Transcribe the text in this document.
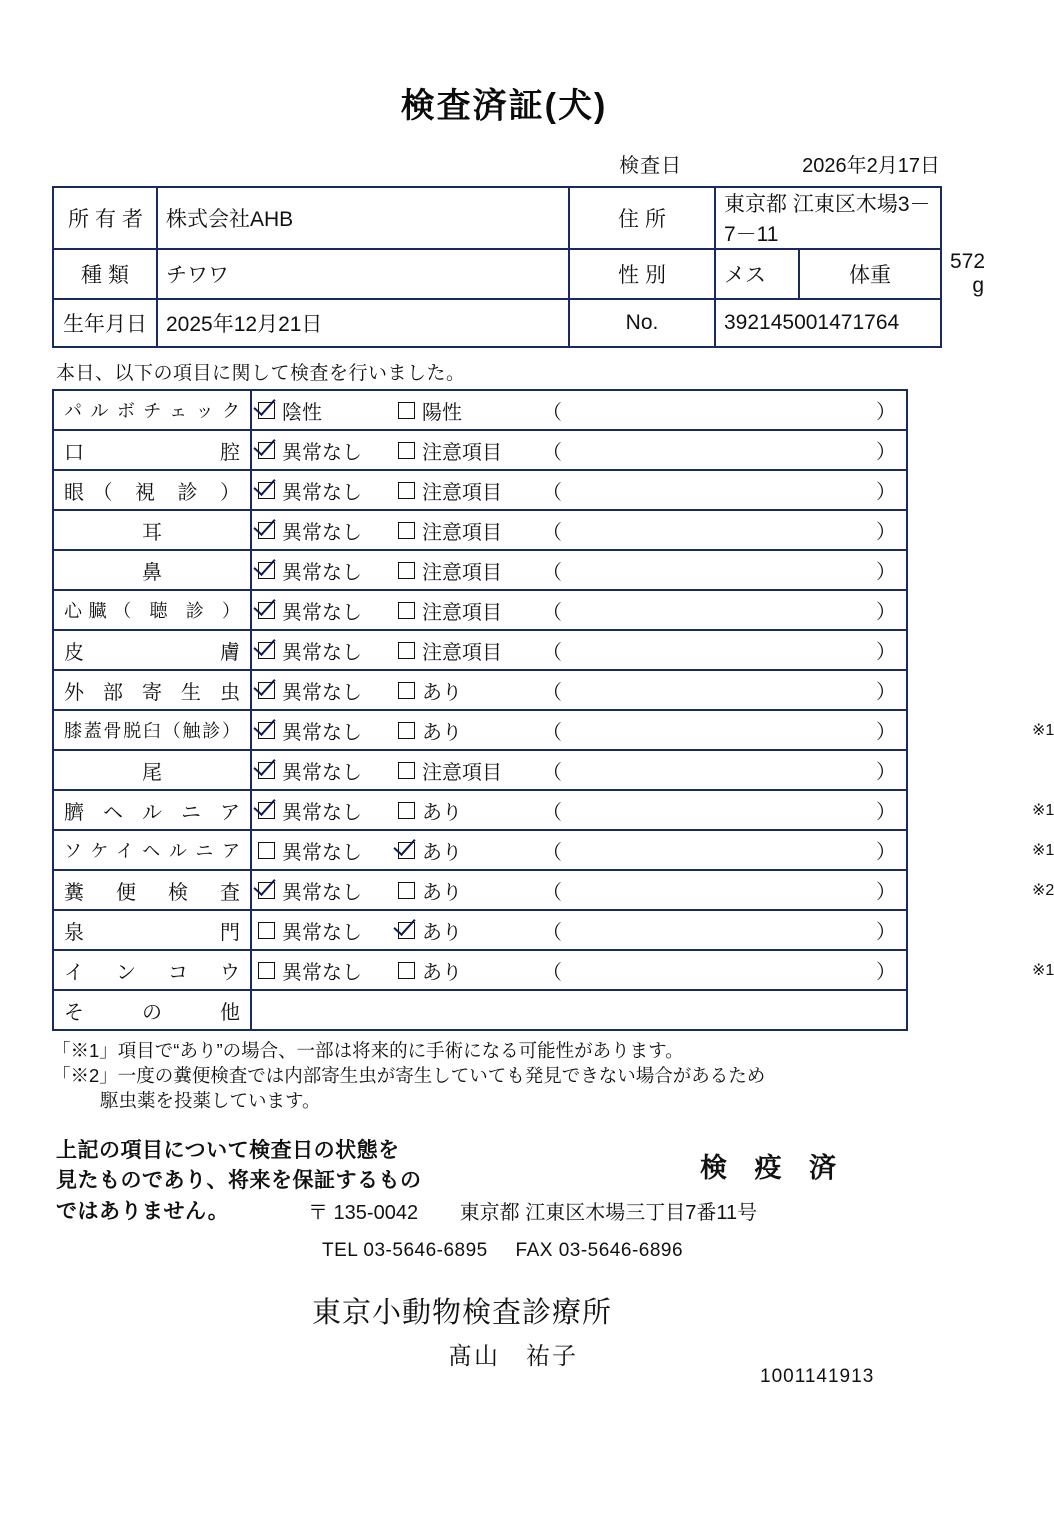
検査済証(犬)
検査日	2026年2月17日
所有者	株式会社AHB	住所	東京都 江東区木場3－7－11		
種類	チワワ	性別	メス	体重	572 g
生年月日	2025年12月21日	No.	392145001471764		
本日、以下の項目に関して検査を行いました。
パルボチェック	陰性 陽性 （ ）

口　　　　腔	異常なし 注意項目 （ ）

眼（ 視 診 ）	異常なし 注意項目 （ ）

耳	異常なし 注意項目 （ ）

鼻	異常なし 注意項目 （ ）

心臓（ 聴 診 ）	異常なし 注意項目 （ ）

皮　　　　膚	異常なし 注意項目 （ ）

外 部 寄 生 虫	異常なし あり （ ）

膝蓋骨脱臼（触診）	異常なし あり （ ） ※1

尾	異常なし 注意項目 （ ）

臍 ヘ ル ニ ア	異常なし あり （ ） ※1

ソケイヘルニア	異常なし あり （ ） ※1

糞　便　検　査	異常なし あり （ ） ※2

泉　　　　門	異常なし あり （ ）

イ ン コ ウ	異常なし あり （ ） ※1

そ　の　他	
「※1」項目で“あり”の場合、一部は将来的に手術になる可能性があります。
「※2」一度の糞便検査では内部寄生虫が寄生していても発見できない場合があるため
駆虫薬を投薬しています。
上記の項目について検査日の状態を
見たものであり、将来を保証するもの
ではありません。
検 疫 済
〒 135-0042 東京都 江東区木場三丁目7番11号
TEL 03-5646-6895 FAX 03-5646-6896
東京小動物検査診療所
髙山　祐子
1001141913
